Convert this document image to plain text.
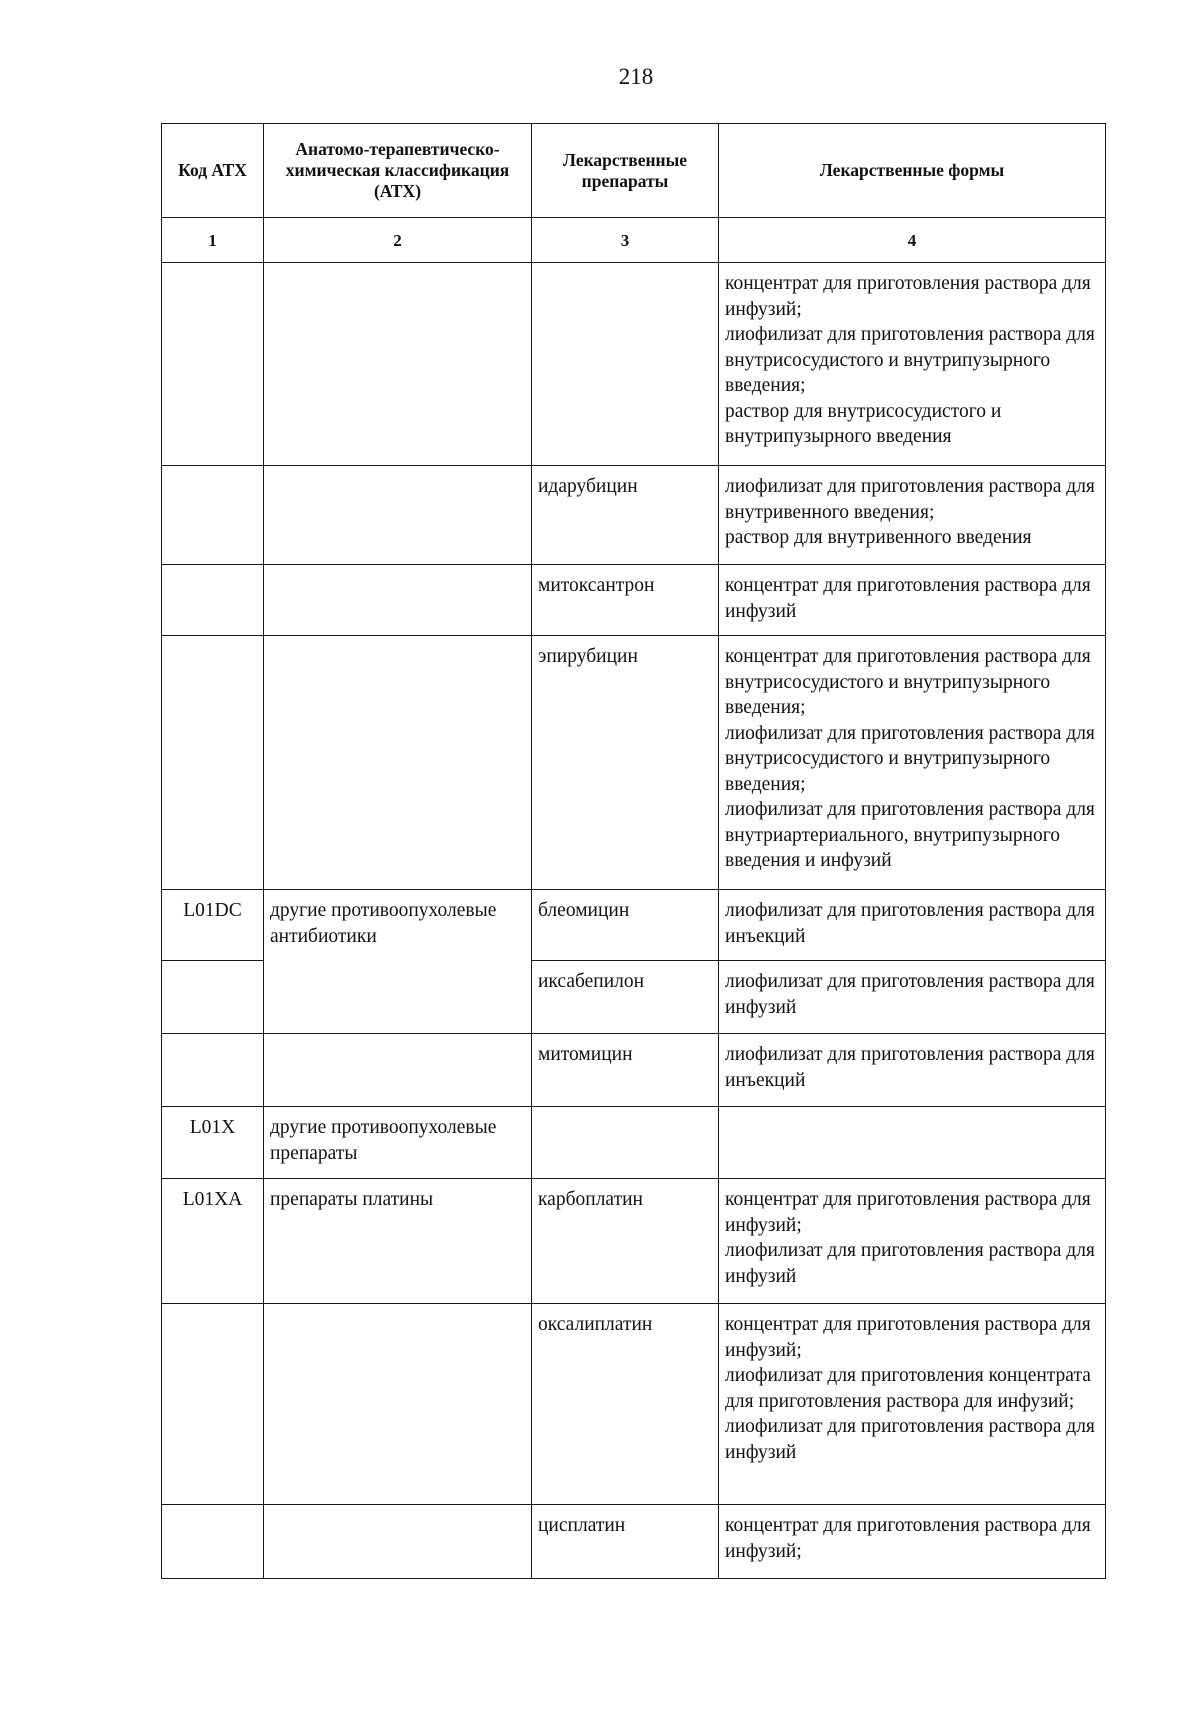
218
Код АТХ	Анатомо-терапевтическо-химическая классификация (АТХ)	Лекарственные препараты	Лекарственные формы
1	2	3	4
			концентрат для приготовления раствора для инфузий;
лиофилизат для приготовления раствора для внутрисосудистого и внутрипузырного введения;
раствор для внутрисосудистого и внутрипузырного введения
		идарубицин	лиофилизат для приготовления раствора для внутривенного введения;
раствор для внутривенного введения
		митоксантрон	концентрат для приготовления раствора для инфузий
		эпирубицин	концентрат для приготовления раствора для внутрисосудистого и внутрипузырного введения;
лиофилизат для приготовления раствора для внутрисосудистого и внутрипузырного введения;
лиофилизат для приготовления раствора для внутриартериального, внутрипузырного введения и инфузий
L01DC	другие противоопухолевые антибиотики	блеомицин	лиофилизат для приготовления раствора для инъекций
		иксабепилон	лиофилизат для приготовления раствора для инфузий
		митомицин	лиофилизат для приготовления раствора для инъекций
L01X	другие противоопухолевые препараты		
L01XA	препараты платины	карбоплатин	концентрат для приготовления раствора для инфузий;
лиофилизат для приготовления раствора для инфузий
		оксалиплатин	концентрат для приготовления раствора для инфузий;
лиофилизат для приготовления концентрата для приготовления раствора для инфузий;
лиофилизат для приготовления раствора для инфузий
		цисплатин	концентрат для приготовления раствора для инфузий;
